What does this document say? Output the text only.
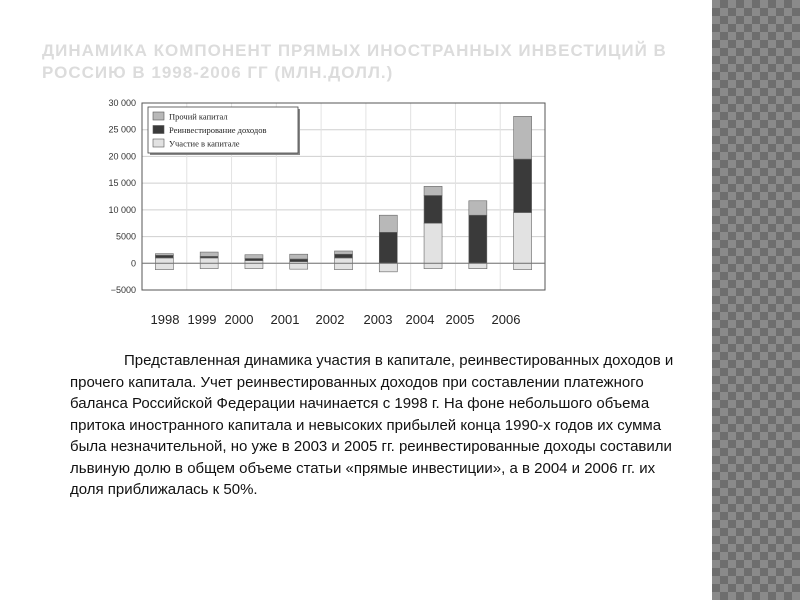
ДИНАМИКА КОМПОНЕНТ ПРЯМЫХ ИНОСТРАННЫХ ИНВЕСТИЦИЙ В РОССИЮ В 1998-2006 ГГ (МЛН.ДОЛЛ.)
30 000
25 000
20 000
15 000
10 000
5000
0
−5000
Прочий капитал
Реинвестирование доходов
Участие в капитале
1998 1999 2000 2001 2002 2003 2004 2005 2006
Представленная динамика участия в капитале, реинвестированных доходов и прочего капитала. Учет реинвестированных доходов при составлении платежного баланса Российской Федерации начинается с 1998 г. На фоне небольшого объема притока иностранного капитала и невысоких прибылей конца 1990-х годов их сумма была незначительной, но уже в 2003 и 2005 гг. реинвестированные доходы составили львиную долю в общем объеме статьи «прямые инвестиции», а в 2004 и 2006 гг. их доля приближалась к 50%.
